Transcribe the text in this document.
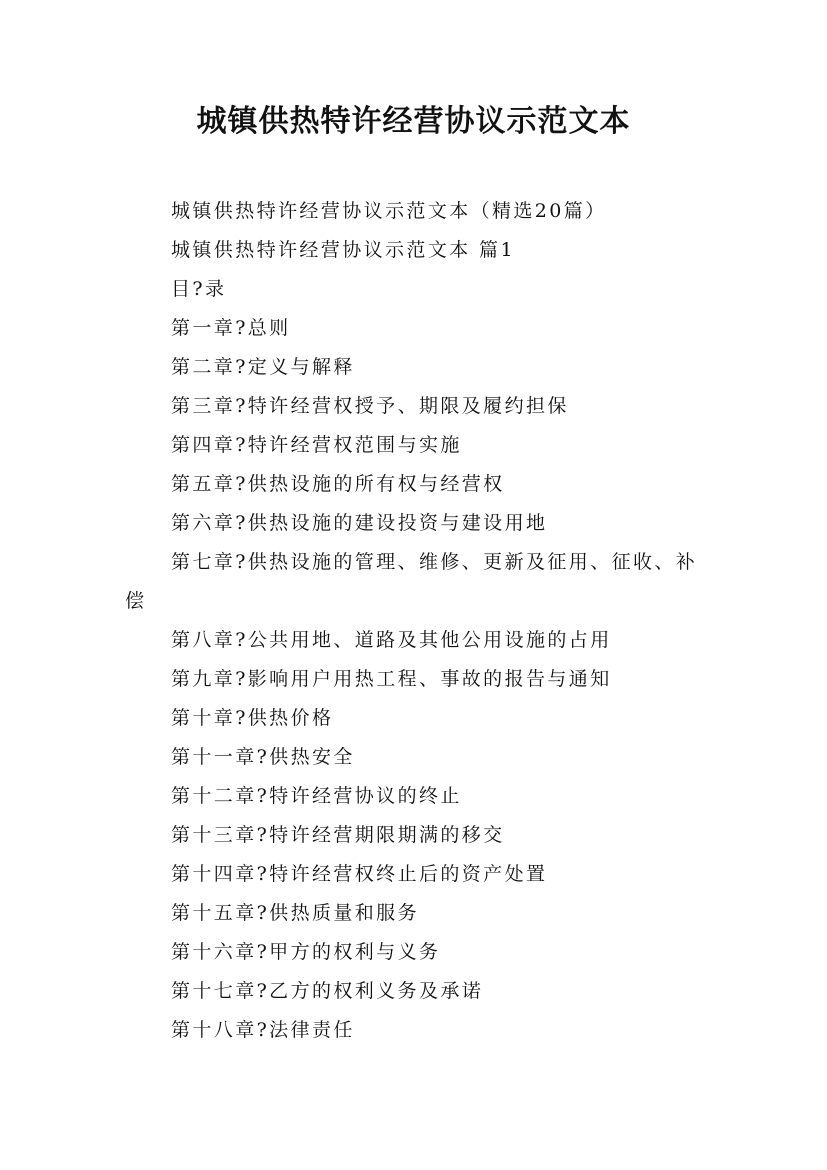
城镇供热特许经营协议示范文本

城镇供热特许经营协议示范文本（精选20篇）

城镇供热特许经营协议示范文本 篇1

目?录

第一章?总则

第二章?定义与解释

第三章?特许经营权授予、期限及履约担保

第四章?特许经营权范围与实施

第五章?供热设施的所有权与经营权

第六章?供热设施的建设投资与建设用地

第七章?供热设施的管理、维修、更新及征用、征收、补偿

第八章?公共用地、道路及其他公用设施的占用

第九章?影响用户用热工程、事故的报告与通知

第十章?供热价格

第十一章?供热安全

第十二章?特许经营协议的终止

第十三章?特许经营期限期满的移交

第十四章?特许经营权终止后的资产处置

第十五章?供热质量和服务

第十六章?甲方的权利与义务

第十七章?乙方的权利义务及承诺

第十八章?法律责任
